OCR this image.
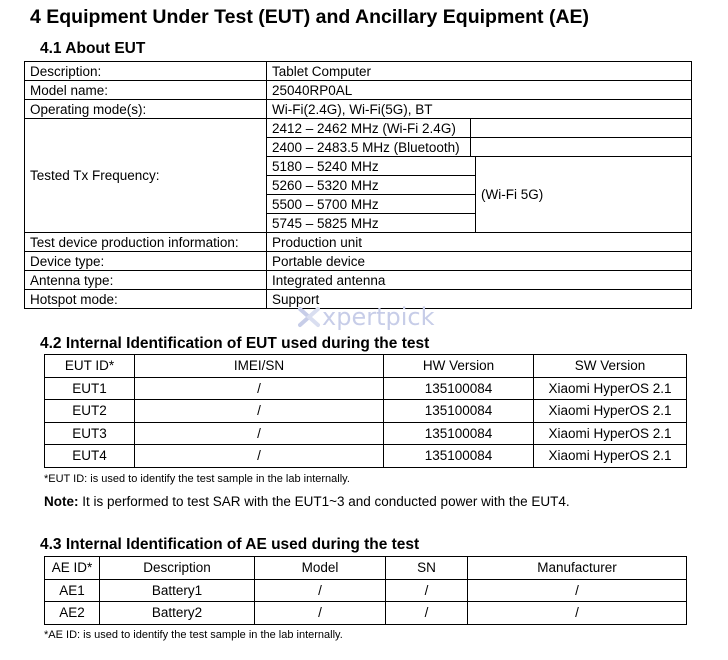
4 Equipment Under Test (EUT) and Ancillary Equipment (AE)
4.1 About EUT
Description:	Tablet Computer	
Model name:	25040RP0AL	
Operating mode(s):	Wi-Fi(2.4G), Wi-Fi(5G), BT	
Tested Tx Frequency:	2412 – 2462 MHz (Wi-Fi 2.4G)	
	2400 – 2483.5 MHz (Bluetooth)	
	5180 – 5240 MHz	(Wi-Fi 5G)
	5260 – 5320 MHz	
	5500 – 5700 MHz	
	5745 – 5825 MHz	
Test device production information:	Production unit	
Device type:	Portable device	
Antenna type:	Integrated antenna	
Hotspot mode:	Support	
xpertpick
4.2 Internal Identification of EUT used during the test
EUT ID*	IMEI/SN	HW Version	SW Version
EUT1	/	135100084	Xiaomi HyperOS 2.1
EUT2	/	135100084	Xiaomi HyperOS 2.1
EUT3	/	135100084	Xiaomi HyperOS 2.1
EUT4	/	135100084	Xiaomi HyperOS 2.1
*EUT ID: is used to identify the test sample in the lab internally.
Note: It is performed to test SAR with the EUT1~3 and conducted power with the EUT4.
4.3 Internal Identification of AE used during the test
AE ID*	Description	Model	SN	Manufacturer
AE1	Battery1	/	/	/
AE2	Battery2	/	/	/
*AE ID: is used to identify the test sample in the lab internally.
